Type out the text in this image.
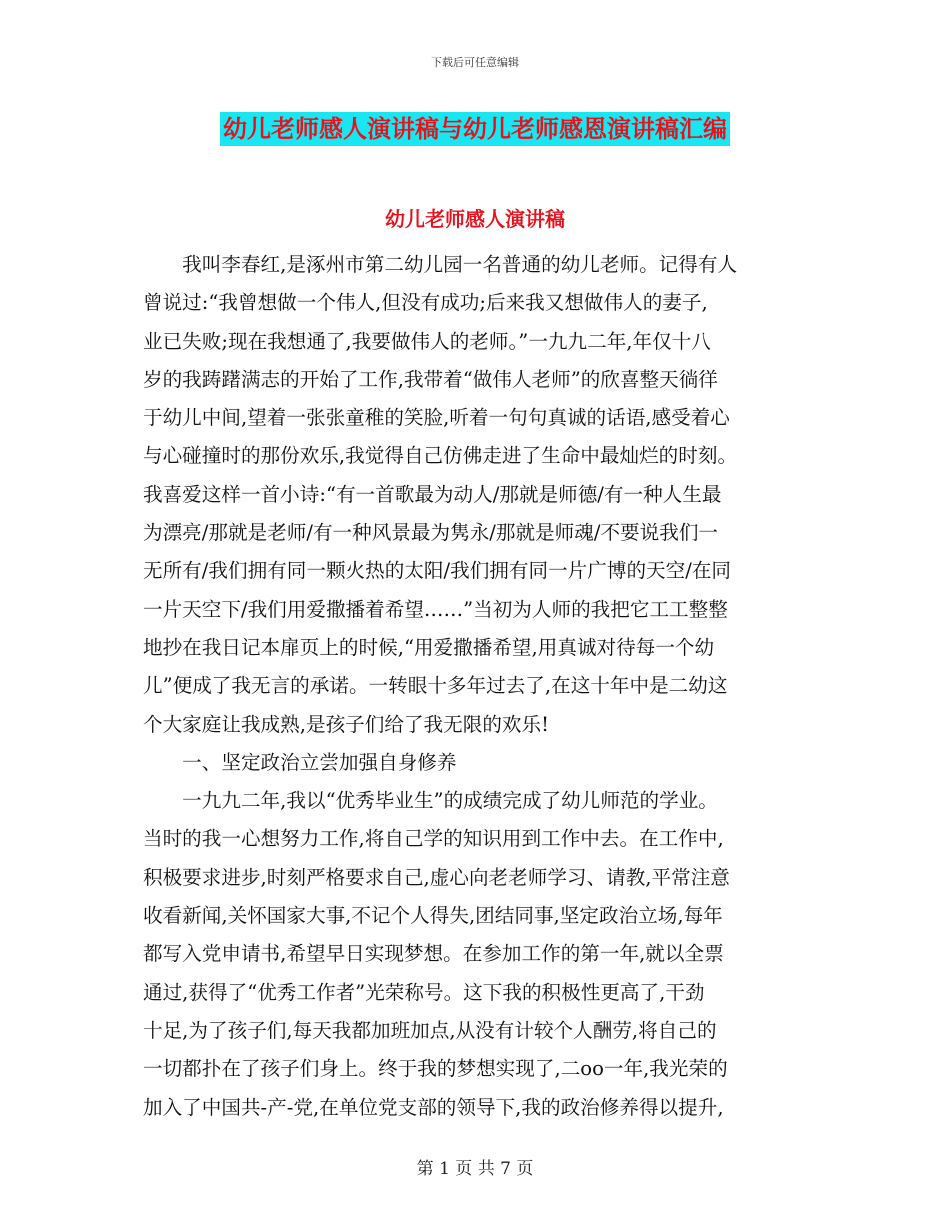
下载后可任意编辑
幼儿老师感人演讲稿与幼儿老师感恩演讲稿汇编
幼儿老师感人演讲稿
　　我叫李春红,是涿州市第二幼儿园一名普通的幼儿老师。记得有人
曾说过:“我曾想做一个伟人,但没有成功;后来我又想做伟人的妻子,
业已失败;现在我想通了,我要做伟人的老师。”一九九二年,年仅十八
岁的我踌躇满志的开始了工作,我带着“做伟人老师”的欣喜整天徜徉
于幼儿中间,望着一张张童稚的笑脸,听着一句句真诚的话语,感受着心
与心碰撞时的那份欢乐,我觉得自己仿佛走进了生命中最灿烂的时刻。
我喜爱这样一首小诗:“有一首歌最为动人/那就是师德/有一种人生最
为漂亮/那就是老师/有一种风景最为隽永/那就是师魂/不要说我们一
无所有/我们拥有同一颗火热的太阳/我们拥有同一片广博的天空/在同
一片天空下/我们用爱撒播着希望……”当初为人师的我把它工工整整
地抄在我日记本扉页上的时候,“用爱撒播希望,用真诚对待每一个幼
儿”便成了我无言的承诺。一转眼十多年过去了,在这十年中是二幼这
个大家庭让我成熟,是孩子们给了我无限的欢乐!
　　一、坚定政治立尝加强自身修养
　　一九九二年,我以“优秀毕业生”的成绩完成了幼儿师范的学业。
当时的我一心想努力工作,将自己学的知识用到工作中去。在工作中,
积极要求进步,时刻严格要求自己,虚心向老老师学习、请教,平常注意
收看新闻,关怀国家大事,不记个人得失,团结同事,坚定政治立场,每年
都写入党申请书,希望早日实现梦想。在参加工作的第一年,就以全票
通过,获得了“优秀工作者”光荣称号。这下我的积极性更高了,干劲
十足,为了孩子们,每天我都加班加点,从没有计较个人酬劳,将自己的
一切都扑在了孩子们身上。终于我的梦想实现了,二oo一年,我光荣的
加入了中国共-产-党,在单位党支部的领导下,我的政治修养得以提升,
第 1 页 共 7 页
